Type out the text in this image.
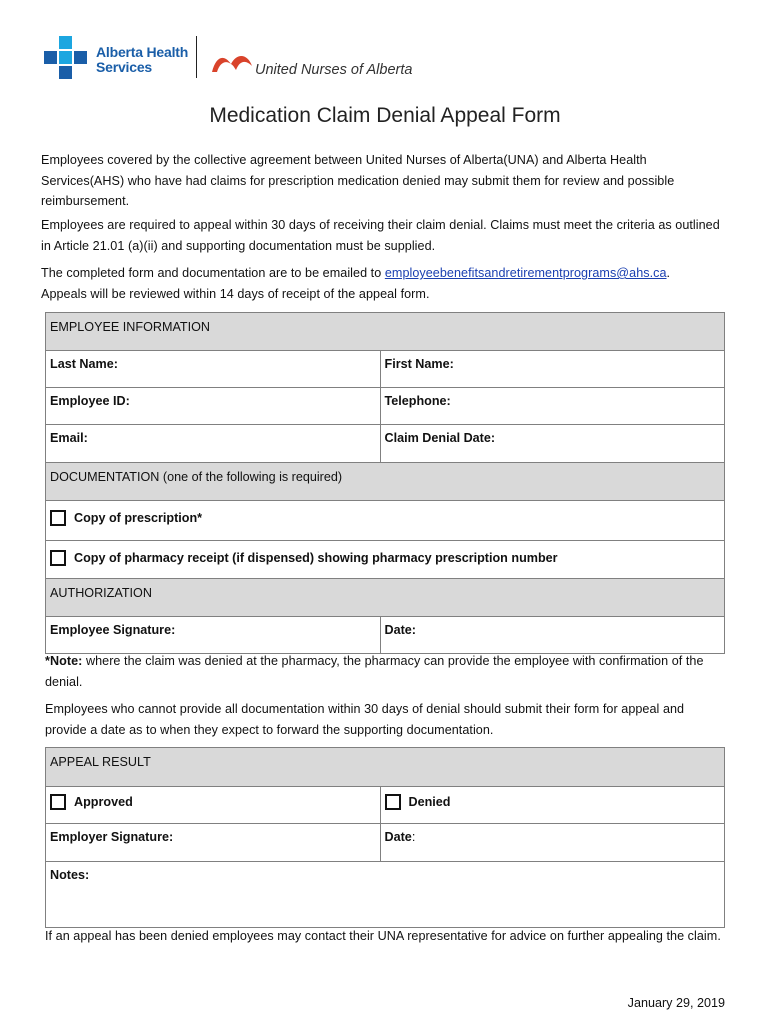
Alberta Health
Services	United Nurses of Alberta
Medication Claim Denial Appeal Form

Employees covered by the collective agreement between United Nurses of Alberta(UNA) and Alberta Health Services(AHS) who have had claims for prescription medication denied may submit them for review and possible reimbursement.

Employees are required to appeal within 30 days of receiving their claim denial. Claims must meet the criteria as outlined in Article 21.01 (a)(ii) and supporting documentation must be supplied.

The completed form and documentation are to be emailed to employeebenefitsandretirementprograms@ahs.ca.
Appeals will be reviewed within 14 days of receipt of the appeal form.

EMPLOYEE INFORMATION	
Last Name:	First Name:
Employee ID:	Telephone:
Email:	Claim Denial Date:
DOCUMENTATION (one of the following is required)	

Copy of prescription*	

Copy of pharmacy receipt (if dispensed) showing pharmacy prescription number	

AUTHORIZATION	
Employee Signature:	Date:

*Note: where the claim was denied at the pharmacy, the pharmacy can provide the employee with confirmation of the denial.

Employees who cannot provide all documentation within 30 days of denial should submit their form for appeal and provide a date as to when they expect to forward the supporting documentation.

APPEAL RESULT	

Approved	Denied

Employer Signature:	Date:
Notes:	

If an appeal has been denied employees may contact their UNA representative for advice on further appealing the claim.

January 29, 2019
